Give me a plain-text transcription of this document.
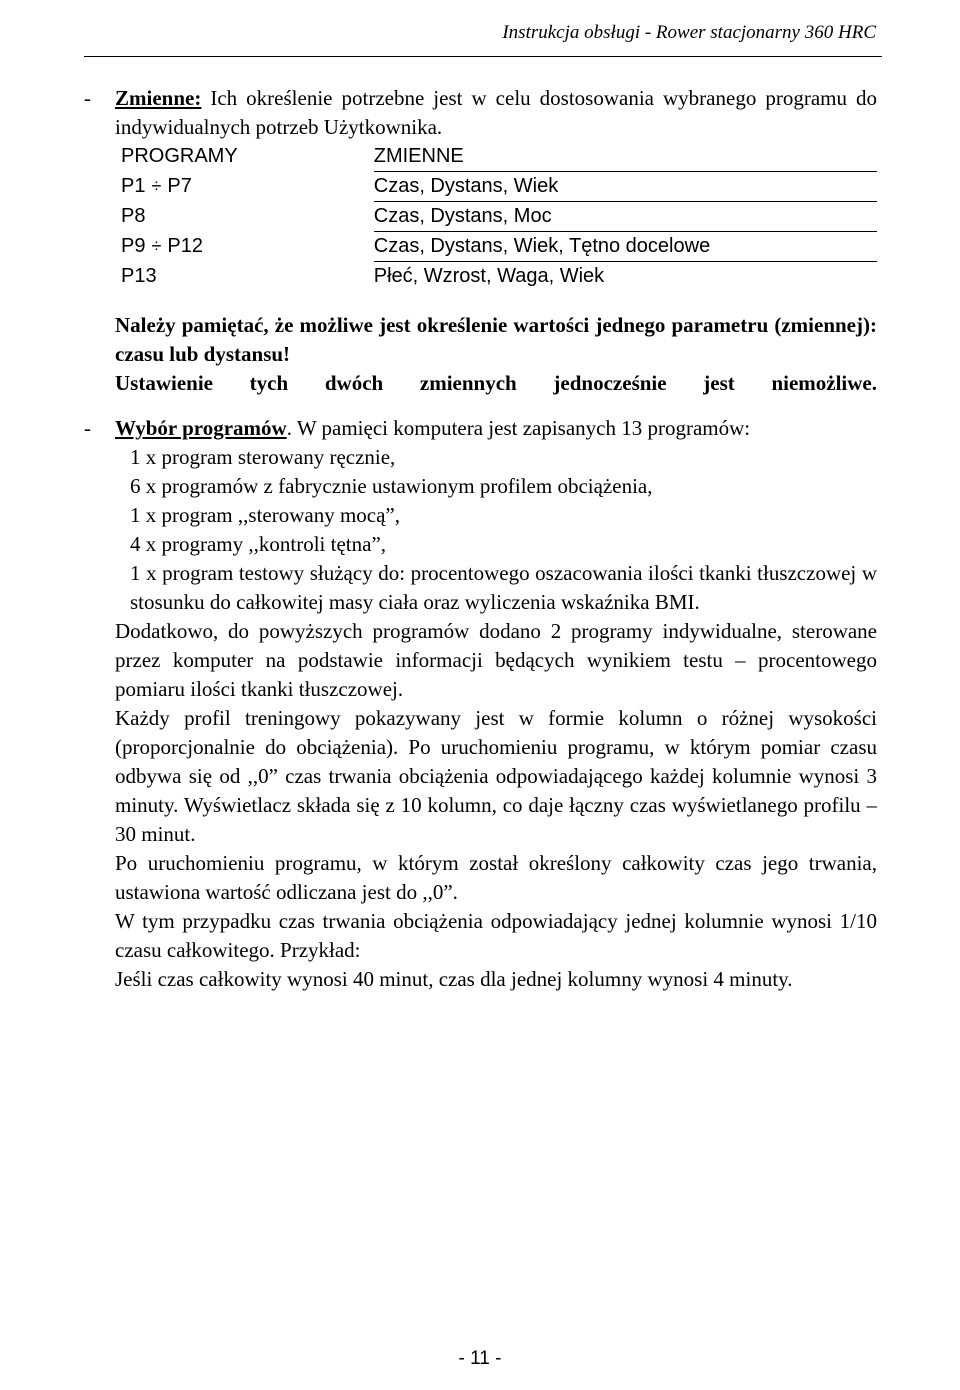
Instrukcja obsługi - Rower stacjonarny 360 HRC
- Zmienne: Ich określenie potrzebne jest w celu dostosowania wybranego programu do indywidualnych potrzeb Użytkownika.
PROGRAMY	ZMIENNE
P1 ÷ P7	Czas, Dystans, Wiek
P8	Czas, Dystans, Moc
P9 ÷ P12	Czas, Dystans, Wiek, Tętno docelowe
P13	Płeć, Wzrost, Waga, Wiek
Należy pamiętać, że możliwe jest określenie wartości jednego parametru (zmiennej): czasu lub dystansu!
Ustawienie tych dwóch zmiennych jednocześnie jest niemożliwe.
- Wybór programów. W pamięci komputera jest zapisanych 13 programów:
1 x program sterowany ręcznie,
6 x programów z fabrycznie ustawionym profilem obciążenia,
1 x program ,,sterowany mocą”,
4 x programy ,,kontroli tętna”,
1 x program testowy służący do: procentowego oszacowania ilości tkanki tłuszczowej w stosunku do całkowitej masy ciała oraz wyliczenia wskaźnika BMI.
Dodatkowo, do powyższych programów dodano 2 programy indywidualne, sterowane przez komputer na podstawie informacji będących wynikiem testu – procentowego pomiaru ilości tkanki tłuszczowej.
Każdy profil treningowy pokazywany jest w formie kolumn o różnej wysokości (proporcjonalnie do obciążenia). Po uruchomieniu programu, w którym pomiar czasu odbywa się od ,,0” czas trwania obciążenia odpowiadającego każdej kolumnie wynosi 3 minuty. Wyświetlacz składa się z 10 kolumn, co daje łączny czas wyświetlanego profilu – 30 minut.
Po uruchomieniu programu, w którym został określony całkowity czas jego trwania, ustawiona wartość odliczana jest do ,,0”.
W tym przypadku czas trwania obciążenia odpowiadający jednej kolumnie wynosi 1/10 czasu całkowitego. Przykład:
Jeśli czas całkowity wynosi 40 minut, czas dla jednej kolumny wynosi 4 minuty.
- 11 -
